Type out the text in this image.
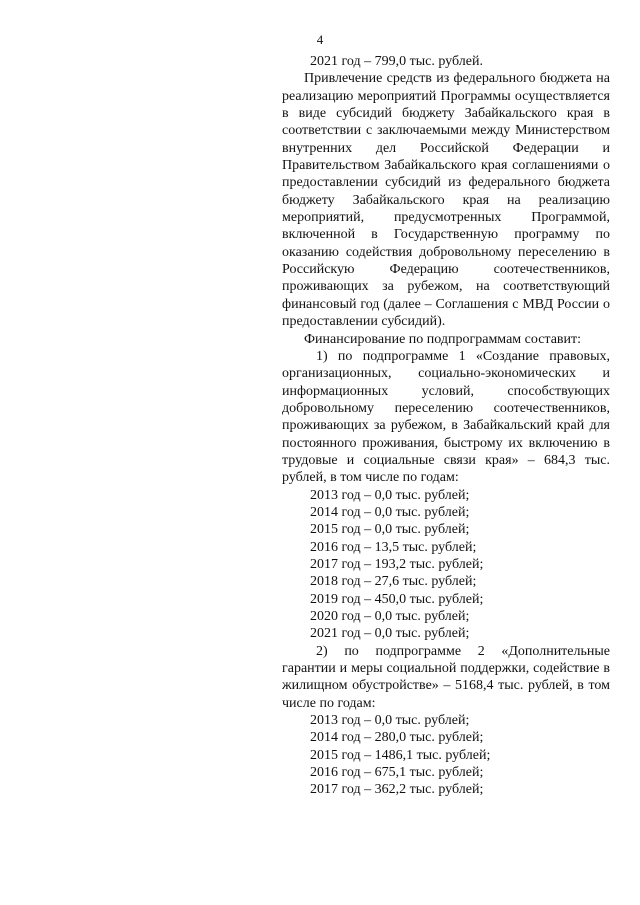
4

2021 год – 799,0 тыс. рублей.

Привлечение средств из федерального бюджета на реализацию мероприятий Программы осуществляется в виде субсидий бюджету Забайкальского края в соответствии с заключаемыми между Министерством внутренних дел Российской Федерации и Правительством Забайкальского края соглашениями о предоставлении субсидий из федерального бюджета бюджету Забайкальского края на реализацию мероприятий, предусмотренных Программой, включенной в Государственную программу по оказанию содействия добровольному переселению в Российскую Федерацию соотечественников, проживающих за рубежом, на соответствующий финансовый год (далее – Соглашения с МВД России о предоставлении субсидий).

Финансирование по подпрограммам составит:

1) по подпрограмме 1 «Создание правовых, организационных, социально-экономических и информационных условий, способствующих добровольному переселению соотечественников, проживающих за рубежом, в Забайкальский край для постоянного проживания, быстрому их включению в трудовые и социальные связи края» – 684,3 тыс. рублей, в том числе по годам:

2013 год – 0,0 тыс. рублей;

2014 год – 0,0 тыс. рублей;

2015 год – 0,0 тыс. рублей;

2016 год – 13,5 тыс. рублей;

2017 год – 193,2 тыс. рублей;

2018 год – 27,6 тыс. рублей;

2019 год – 450,0 тыс. рублей;

2020 год – 0,0 тыс. рублей;

2021 год – 0,0 тыс. рублей;

2) по подпрограмме 2 «Дополнительные гарантии и меры социальной поддержки, содействие в жилищном обустройстве» – 5168,4 тыс. рублей, в том числе по годам:

2013 год – 0,0 тыс. рублей;

2014 год – 280,0 тыс. рублей;

2015 год – 1486,1 тыс. рублей;

2016 год – 675,1 тыс. рублей;

2017 год – 362,2 тыс. рублей;
